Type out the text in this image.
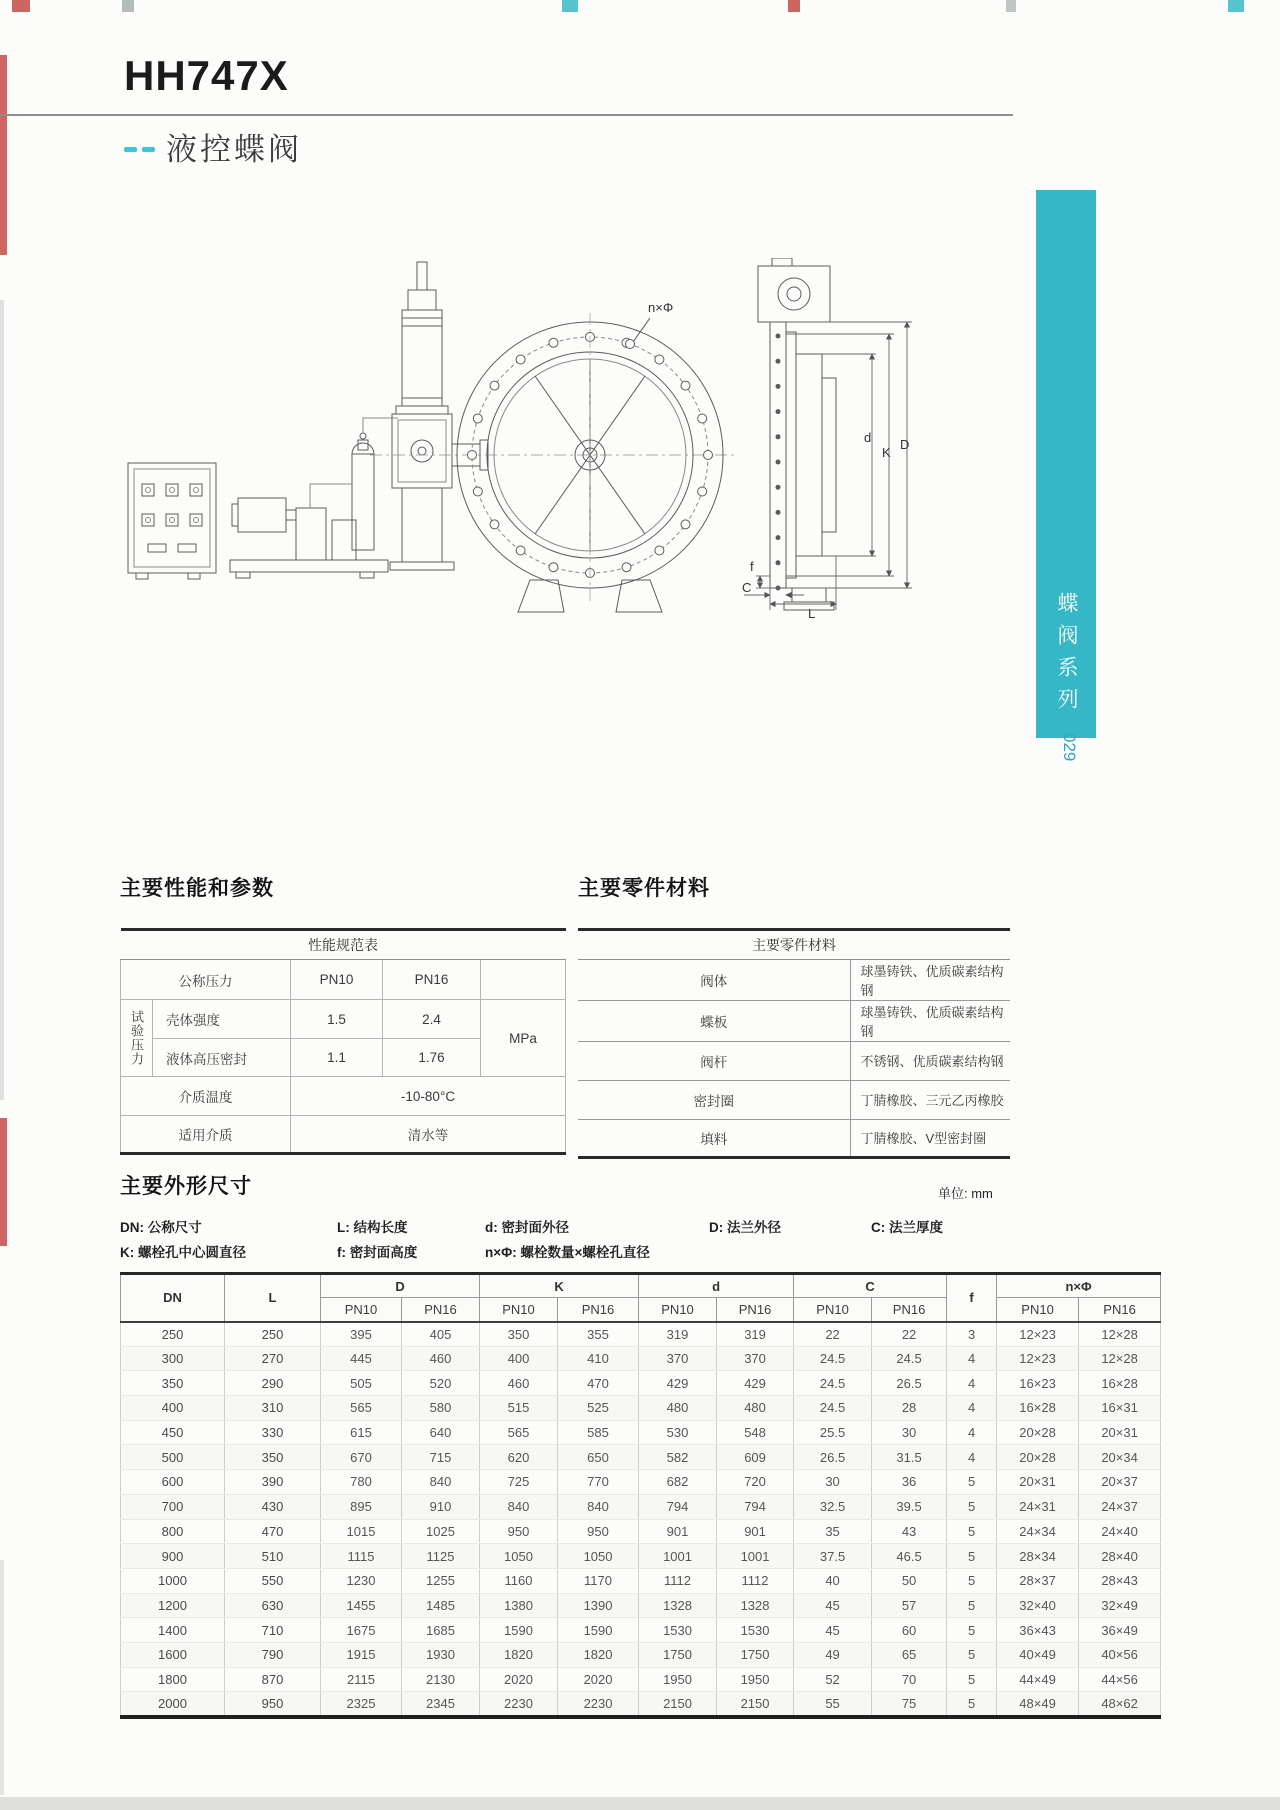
HH747X
液控蝶阀
蝶阀系列
029
n×Φ
d
K
D
f
C
L
主要性能和参数	主要零件材料
性能规范表				
公称压力		PN10	PN16	
试验压力	壳体强度	1.5	2.4	MPa
	液体高压密封	1.1	1.76	
介质温度		-10-80°C		
适用介质		清水等		
主要零件材料	
阀体	球墨铸铁、优质碳素结构钢
蝶板	球墨铸铁、优质碳素结构钢
阀杆	不锈钢、优质碳素结构钢
密封圈	丁腈橡胶、三元乙丙橡胶
填料	丁腈橡胶、V型密封圈
主要外形尺寸	单位: mm
DN: 公称尺寸	L: 结构长度	d: 密封面外径	D: 法兰外径	C: 法兰厚度
K: 螺栓孔中心圆直径	f: 密封面高度	n×Φ: 螺栓数量×螺栓孔直径
DN	L	D		K		d		C		f	n×Φ	
		PN10	PN16	PN10	PN16	PN10	PN16	PN10	PN16		PN10	PN16
250	250	395	405	350	355	319	319	22	22	3	12×23	12×28
300	270	445	460	400	410	370	370	24.5	24.5	4	12×23	12×28
350	290	505	520	460	470	429	429	24.5	26.5	4	16×23	16×28
400	310	565	580	515	525	480	480	24.5	28	4	16×28	16×31
450	330	615	640	565	585	530	548	25.5	30	4	20×28	20×31
500	350	670	715	620	650	582	609	26.5	31.5	4	20×28	20×34
600	390	780	840	725	770	682	720	30	36	5	20×31	20×37
700	430	895	910	840	840	794	794	32.5	39.5	5	24×31	24×37
800	470	1015	1025	950	950	901	901	35	43	5	24×34	24×40
900	510	1115	1125	1050	1050	1001	1001	37.5	46.5	5	28×34	28×40
1000	550	1230	1255	1160	1170	1112	1112	40	50	5	28×37	28×43
1200	630	1455	1485	1380	1390	1328	1328	45	57	5	32×40	32×49
1400	710	1675	1685	1590	1590	1530	1530	45	60	5	36×43	36×49
1600	790	1915	1930	1820	1820	1750	1750	49	65	5	40×49	40×56
1800	870	2115	2130	2020	2020	1950	1950	52	70	5	44×49	44×56
2000	950	2325	2345	2230	2230	2150	2150	55	75	5	48×49	48×62
